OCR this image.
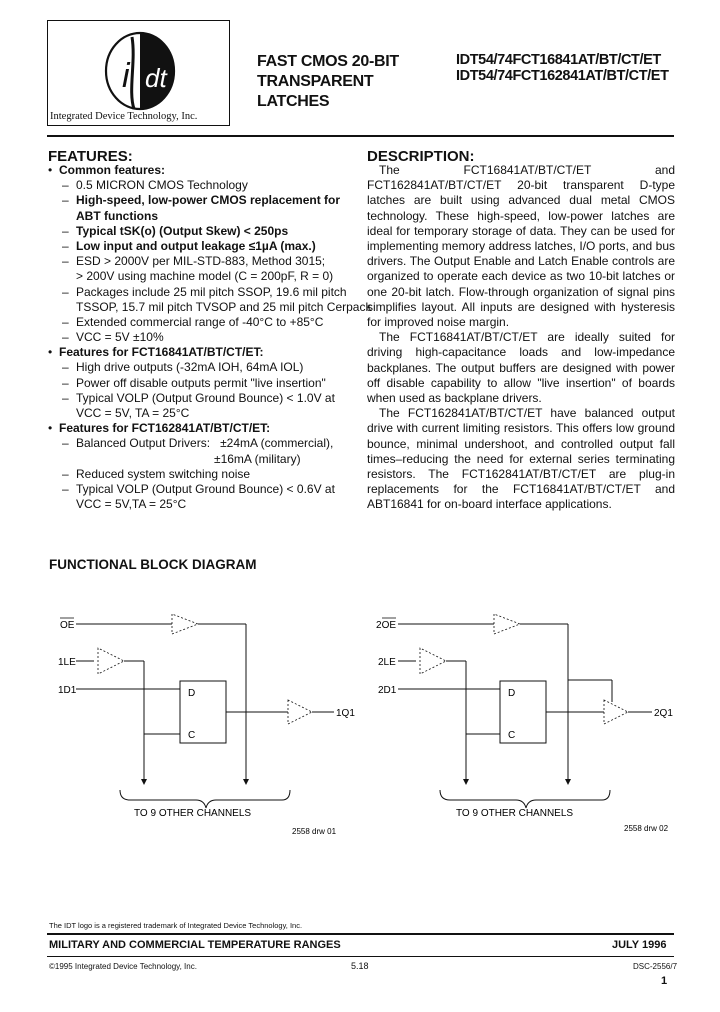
i dt
Integrated Device Technology, Inc.
FAST CMOS 20-BIT
TRANSPARENT
LATCHES
IDT54/74FCT16841AT/BT/CT/ET
IDT54/74FCT162841AT/BT/CT/ET
FEATURES:
• Common features:
– 0.5 MICRON CMOS Technology
– High-speed, low-power CMOS replacement for
ABT functions
– Typical tSK(o) (Output Skew) < 250ps
– Low input and output leakage ≤1µA (max.)
– ESD > 2000V per MIL-STD-883, Method 3015;
> 200V using machine model (C = 200pF, R = 0)
– Packages include 25 mil pitch SSOP, 19.6 mil pitch
TSSOP, 15.7 mil pitch TVSOP and 25 mil pitch Cerpack
– Extended commercial range of -40°C to +85°C
– VCC = 5V ±10%
• Features for FCT16841AT/BT/CT/ET:
– High drive outputs (-32mA IOH, 64mA IOL)
– Power off disable outputs permit "live insertion"
– Typical VOLP (Output Ground Bounce) < 1.0V at
VCC = 5V, TA = 25°C
• Features for FCT162841AT/BT/CT/ET:
– Balanced Output Drivers:   ±24mA (commercial),
±16mA (military)
– Reduced system switching noise
– Typical VOLP (Output Ground Bounce) < 0.6V at
VCC = 5V,TA = 25°C
DESCRIPTION:

The FCT16841AT/BT/CT/ET and FCT162841AT/BT/CT/ET 20-bit transparent D-type latches are built using advanced dual metal CMOS technology. These high-speed, low-power latches are ideal for temporary storage of data. They can be used for implementing memory address latches, I/O ports, and bus drivers. The Output Enable and Latch Enable controls are organized to operate each device as two 10-bit latches or one 20-bit latch. Flow-through organization of signal pins simplifies layout. All inputs are designed with hysteresis for improved noise margin.

The FCT16841AT/BT/CT/ET are ideally suited for driving high-capacitance loads and low-impedance backplanes. The output buffers are designed with power off disable capability to allow "live insertion" of boards when used as backplane drivers.

The FCT162841AT/BT/CT/ET have balanced output drive with current limiting resistors. This offers low ground bounce, minimal undershoot, and controlled output fall times–reducing the need for external series terminating resistors. The FCT162841AT/BT/CT/ET are plug-in replacements for the FCT16841AT/BT/CT/ET and ABT16841 for on-board interface applications.

FUNCTIONAL BLOCK DIAGRAM
OE
1LE
1D1	D
C
1Q1
TO 9 OTHER CHANNELS
2558 drw 01
2OE
2LE
2D1	D
C
2Q1
TO 9 OTHER CHANNELS
2558 drw 02
The IDT logo is a registered trademark of Integrated Device Technology, Inc.
MILITARY AND COMMERCIAL TEMPERATURE RANGES	JULY 1996
©1995 Integrated Device Technology, Inc.	5.18	DSC-2556/7
1
